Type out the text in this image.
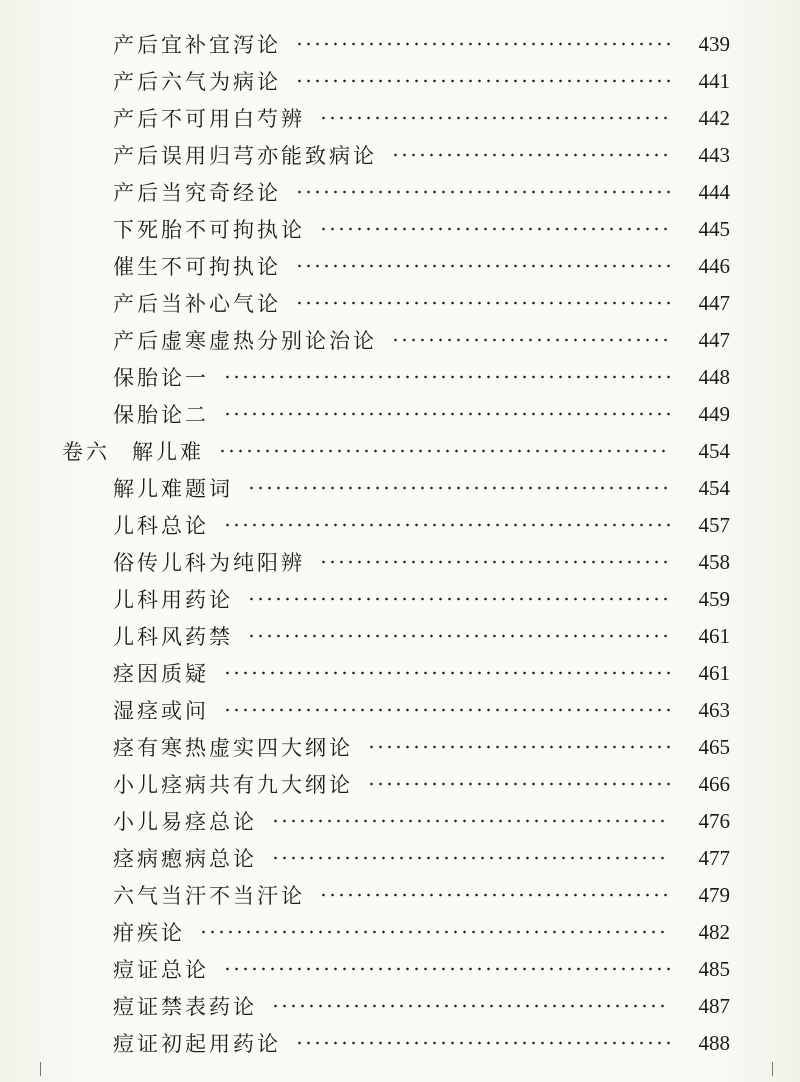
产后宜补宜泻论	439
产后六气为病论	441
产后不可用白芍辨	442
产后误用归芎亦能致病论	443
产后当究奇经论	444
下死胎不可拘执论	445
催生不可拘执论	446
产后当补心气论	447
产后虚寒虚热分别论治论	447
保胎论一	448
保胎论二	449
卷六 解儿难	454
解儿难题词	454
儿科总论	457
俗传儿科为纯阳辨	458
儿科用药论	459
儿科风药禁	461
痉因质疑	461
湿痉或问	463
痉有寒热虚实四大纲论	465
小儿痉病共有九大纲论	466
小儿易痉总论	476
痉病瘛病总论	477
六气当汗不当汗论	479
疳疾论	482
痘证总论	485
痘证禁表药论	487
痘证初起用药论	488
